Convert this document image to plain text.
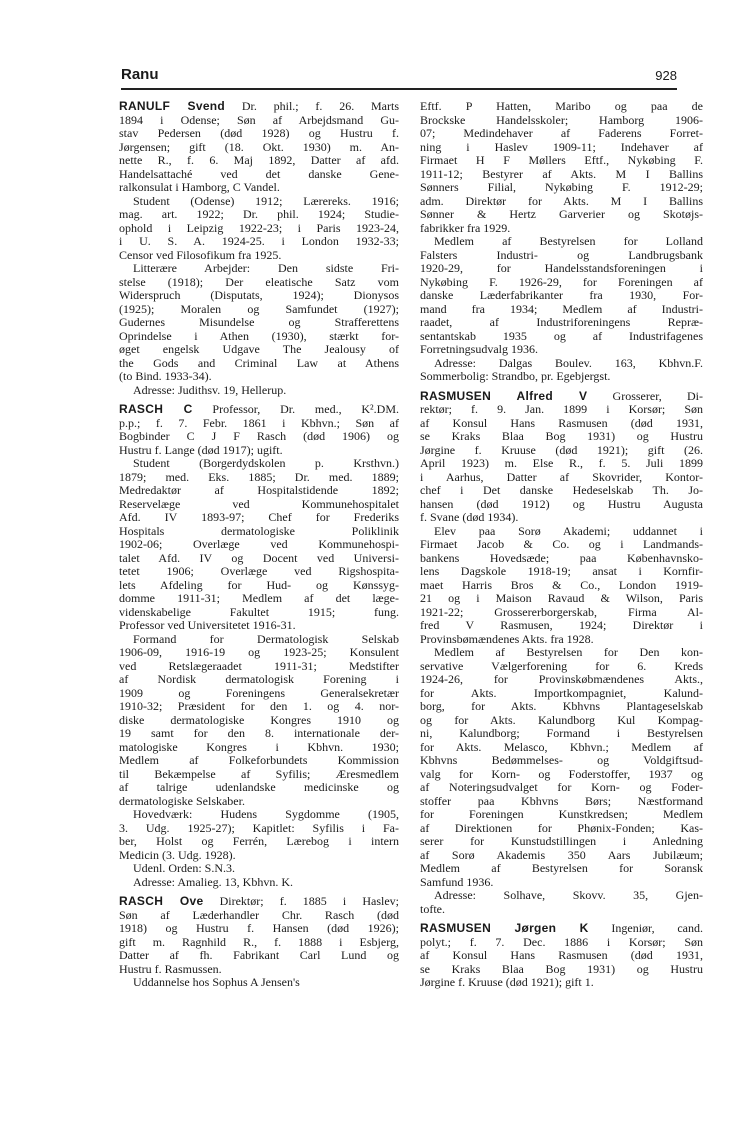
Ranu	928
RANULF Svend Dr. phil.; f. 26. Marts
1894 i Odense; Søn af Arbejdsmand Gu-
stav Pedersen (død 1928) og Hustru f.
Jørgensen; gift (18. Okt. 1930) m. An-
nette R., f. 6. Maj 1892, Datter af afd.
Handelsattaché ved det danske Gene-
ralkonsulat i Hamborg, C Vandel.
Student (Odense) 1912; Lærereks. 1916;
mag. art. 1922; Dr. phil. 1924; Studie-
ophold i Leipzig 1922-23; i Paris 1923-24,
i U. S. A. 1924-25. i London 1932-33;
Censor ved Filosofikum fra 1925.
Litterære Arbejder: Den sidste Fri-
stelse (1918); Der eleatische Satz vom
Widerspruch (Disputats, 1924); Dionysos
(1925); Moralen og Samfundet (1927);
Gudernes Misundelse og Strafferettens
Oprindelse i Athen (1930), stærkt for-
øget engelsk Udgave The Jealousy of
the Gods and Criminal Law at Athens
(to Bind. 1933-34).
Adresse: Judithsv. 19, Hellerup.
RASCH C Professor, Dr. med., K².DM.
p.p.; f. 7. Febr. 1861 i Kbhvn.; Søn af
Bogbinder C J F Rasch (død 1906) og
Hustru f. Lange (død 1917); ugift.
Student (Borgerdydskolen p. Krsthvn.)
1879; med. Eks. 1885; Dr. med. 1889;
Medredaktør af Hospitalstidende 1892;
Reservelæge ved Kommunehospitalet
Afd. IV 1893-97; Chef for Frederiks
Hospitals dermatologiske Poliklinik
1902-06; Overlæge ved Kommunehospi-
talet Afd. IV og Docent ved Universi-
tetet 1906; Overlæge ved Rigshospita-
lets Afdeling for Hud- og Kønssyg-
domme 1911-31; Medlem af det læge-
videnskabelige Fakultet 1915; fung.
Professor ved Universitetet 1916-31.
Formand for Dermatologisk Selskab
1906-09, 1916-19 og 1923-25; Konsulent
ved Retslægeraadet 1911-31; Medstifter
af Nordisk dermatologisk Forening i
1909 og Foreningens Generalsekretær
1910-32; Præsident for den 1. og 4. nor-
diske dermatologiske Kongres 1910 og
19 samt for den 8. internationale der-
matologiske Kongres i Kbhvn. 1930;
Medlem af Folkeforbundets Kommission
til Bekæmpelse af Syfilis; Æresmedlem
af talrige udenlandske medicinske og
dermatologiske Selskaber.
Hovedværk: Hudens Sygdomme (1905,
3. Udg. 1925-27); Kapitlet: Syfilis i Fa-
ber, Holst og Ferrén, Lærebog i intern
Medicin (3. Udg. 1928).
Udenl. Orden: S.N.3.
Adresse: Amalieg. 13, Kbhvn. K.
RASCH Ove Direktør; f. 1885 i Haslev;
Søn af Læderhandler Chr. Rasch (død
1918) og Hustru f. Hansen (død 1926);
gift m. Ragnhild R., f. 1888 i Esbjerg,
Datter af fh. Fabrikant Carl Lund og
Hustru f. Rasmussen.
Uddannelse hos Sophus A Jensen's
Eftf. P Hatten, Maribo og paa de
Brockske Handelsskoler; Hamborg 1906-
07; Medindehaver af Faderens Forret-
ning i Haslev 1909-11; Indehaver af
Firmaet H F Møllers Eftf., Nykøbing F.
1911-12; Bestyrer af Akts. M I Ballins
Sønners Filial, Nykøbing F. 1912-29;
adm. Direktør for Akts. M I Ballins
Sønner & Hertz Garverier og Skotøjs-
fabrikker fra 1929.
Medlem af Bestyrelsen for Lolland
Falsters Industri- og Landbrugsbank
1920-29, for Handelsstandsforeningen i
Nykøbing F. 1926-29, for Foreningen af
danske Læderfabrikanter fra 1930, For-
mand fra 1934; Medlem af Industri-
raadet, af Industriforeningens Repræ-
sentantskab 1935 og af Industrifagenes
Forretningsudvalg 1936.
Adresse: Dalgas Boulev. 163, Kbhvn.F.
Sommerbolig: Strandbo, pr. Egebjergst.
RASMUSEN Alfred V Grosserer, Di-
rektør; f. 9. Jan. 1899 i Korsør; Søn
af Konsul Hans Rasmusen (død 1931,
se Kraks Blaa Bog 1931) og Hustru
Jørgine f. Kruuse (død 1921); gift (26.
April 1923) m. Else R., f. 5. Juli 1899
i Aarhus, Datter af Skovrider, Kontor-
chef i Det danske Hedeselskab Th. Jo-
hansen (død 1912) og Hustru Augusta
f. Svane (død 1934).
Elev paa Sorø Akademi; uddannet i
Firmaet Jacob & Co. og i Landmands-
bankens Hovedsæde; paa Københavnsko-
lens Dagskole 1918-19; ansat i Kornfir-
maet Harris Bros & Co., London 1919-
21 og i Maison Ravaud & Wilson, Paris
1921-22; Grossererborgerskab, Firma Al-
fred V Rasmusen, 1924; Direktør i
Provinsbømændenes Akts. fra 1928.
Medlem af Bestyrelsen for Den kon-
servative Vælgerforening for 6. Kreds
1924-26, for Provinskøbmændenes Akts.,
for Akts. Importkompagniet, Kalund-
borg, for Akts. Kbhvns Plantageselskab
og for Akts. Kalundborg Kul Kompag-
ni, Kalundborg; Formand i Bestyrelsen
for Akts. Melasco, Kbhvn.; Medlem af
Kbhvns Bedømmelses- og Voldgiftsud-
valg for Korn- og Foderstoffer, 1937 og
af Noteringsudvalget for Korn- og Foder-
stoffer paa Kbhvns Børs; Næstformand
for Foreningen Kunstkredsen; Medlem
af Direktionen for Phønix-Fonden; Kas-
serer for Kunstudstillingen i Anledning
af Sorø Akademis 350 Aars Jubilæum;
Medlem af Bestyrelsen for Soransk
Samfund 1936.
Adresse: Solhave, Skovv. 35, Gjen-
tofte.
RASMUSEN Jørgen K Ingeniør, cand.
polyt.; f. 7. Dec. 1886 i Korsør; Søn
af Konsul Hans Rasmusen (død 1931,
se Kraks Blaa Bog 1931) og Hustru
Jørgine f. Kruuse (død 1921); gift 1.
